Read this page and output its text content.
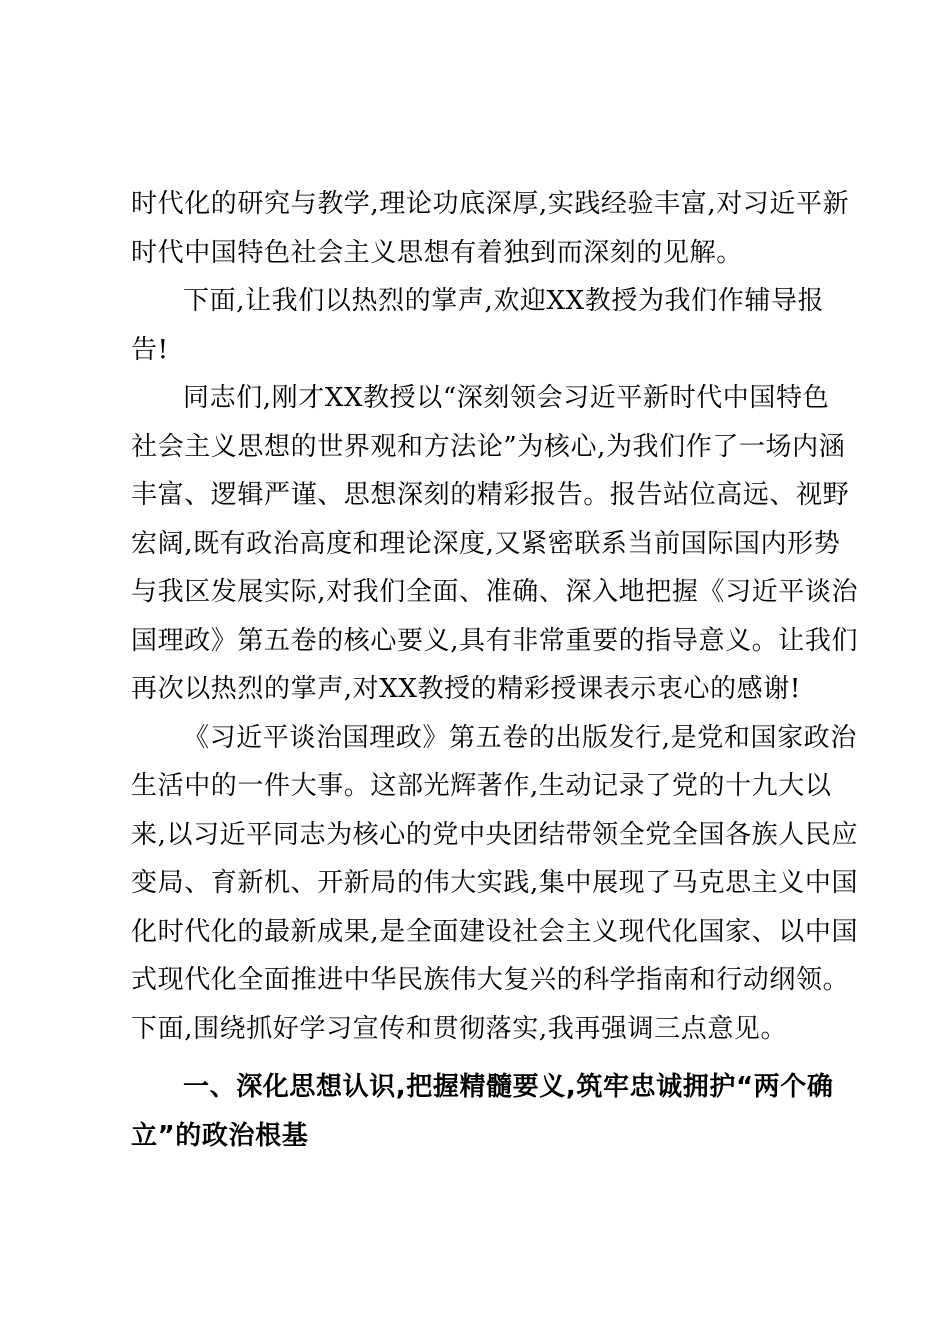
时代化的研究与教学,理论功底深厚,实践经验丰富,对习近平新
时代中国特色社会主义思想有着独到而深刻的见解。
下面,让我们以热烈的掌声,欢迎XX教授为我们作辅导报
告!
同志们,刚才XX教授以“深刻领会习近平新时代中国特色
社会主义思想的世界观和方法论”为核心,为我们作了一场内涵
丰富、逻辑严谨、思想深刻的精彩报告。报告站位高远、视野
宏阔,既有政治高度和理论深度,又紧密联系当前国际国内形势
与我区发展实际,对我们全面、准确、深入地把握《习近平谈治
国理政》第五卷的核心要义,具有非常重要的指导意义。让我们
再次以热烈的掌声,对XX教授的精彩授课表示衷心的感谢!
《习近平谈治国理政》第五卷的出版发行,是党和国家政治
生活中的一件大事。这部光辉著作,生动记录了党的十九大以
来,以习近平同志为核心的党中央团结带领全党全国各族人民应
变局、育新机、开新局的伟大实践,集中展现了马克思主义中国
化时代化的最新成果,是全面建设社会主义现代化国家、以中国
式现代化全面推进中华民族伟大复兴的科学指南和行动纲领。
下面,围绕抓好学习宣传和贯彻落实,我再强调三点意见。
一、深化思想认识,把握精髓要义,筑牢忠诚拥护“两个确
立”的政治根基
